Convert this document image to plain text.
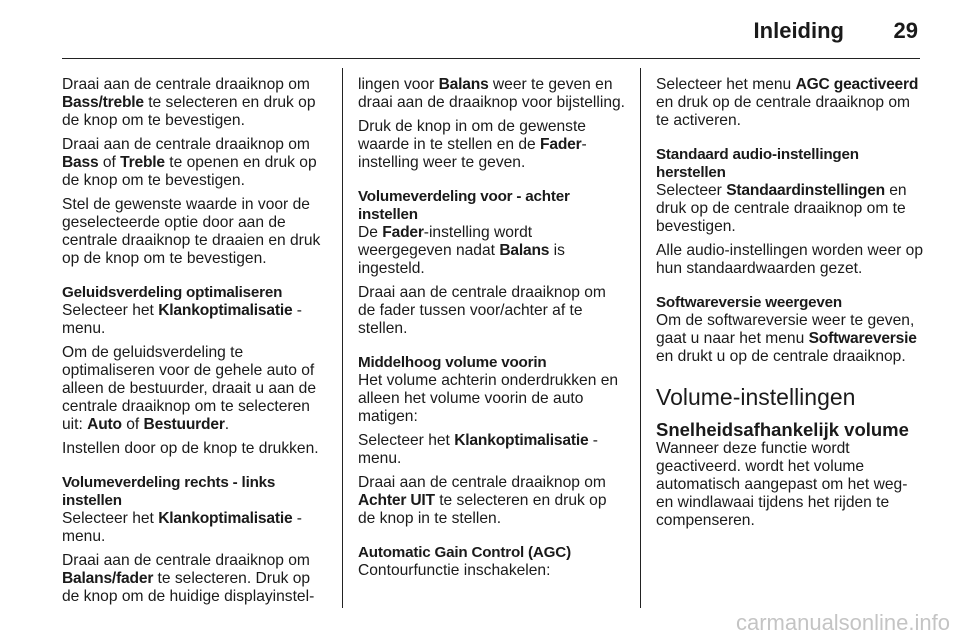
Inleiding 29

Draai aan de centrale draaiknop om Bass/treble te selecteren en druk op de knop om te bevestigen.

Draai aan de centrale draaiknop om Bass of Treble te openen en druk op de knop om te bevestigen.

Stel de gewenste waarde in voor de geselecteerde optie door aan de centrale draaiknop te draaien en druk op de knop om te bevestigen.

Geluidsverdeling optimaliseren

Selecteer het Klankoptimalisatie -menu.

Om de geluidsverdeling te optimaliseren voor de gehele auto of alleen de bestuurder, draait u aan de centrale draaiknop om te selecteren uit: Auto of Bestuurder.

Instellen door op de knop te drukken.

Volumeverdeling rechts - links instellen

Selecteer het Klankoptimalisatie -menu.

Draai aan de centrale draaiknop om Balans/fader te selecteren. Druk op de knop om de huidige displayinstel-

lingen voor Balans weer te geven en draai aan de draaiknop voor bijstelling.

Druk de knop in om de gewenste waarde in te stellen en de Fader-instelling weer te geven.

Volumeverdeling voor - achter instellen

De Fader-instelling wordt weergegeven nadat Balans is ingesteld.

Draai aan de centrale draaiknop om de fader tussen voor/achter af te stellen.

Middelhoog volume voorin

Het volume achterin onderdrukken en alleen het volume voorin de auto matigen:

Selecteer het Klankoptimalisatie -menu.

Draai aan de centrale draaiknop om Achter UIT te selecteren en druk op de knop in te stellen.

Automatic Gain Control (AGC)

Contourfunctie inschakelen:

Selecteer het menu AGC geactiveerd en druk op de centrale draaiknop om te activeren.

Standaard audio-instellingen herstellen

Selecteer Standaardinstellingen en druk op de centrale draaiknop om te bevestigen.

Alle audio-instellingen worden weer op hun standaardwaarden gezet.

Softwareversie weergeven

Om de softwareversie weer te geven, gaat u naar het menu Softwareversie en drukt u op de centrale draaiknop.

Volume-instellingen
Snelheidsafhankelijk volume

Wanneer deze functie wordt geactiveerd. wordt het volume automatisch aangepast om het weg- en windlawaai tijdens het rijden te compenseren.

carmanualsonline.info
